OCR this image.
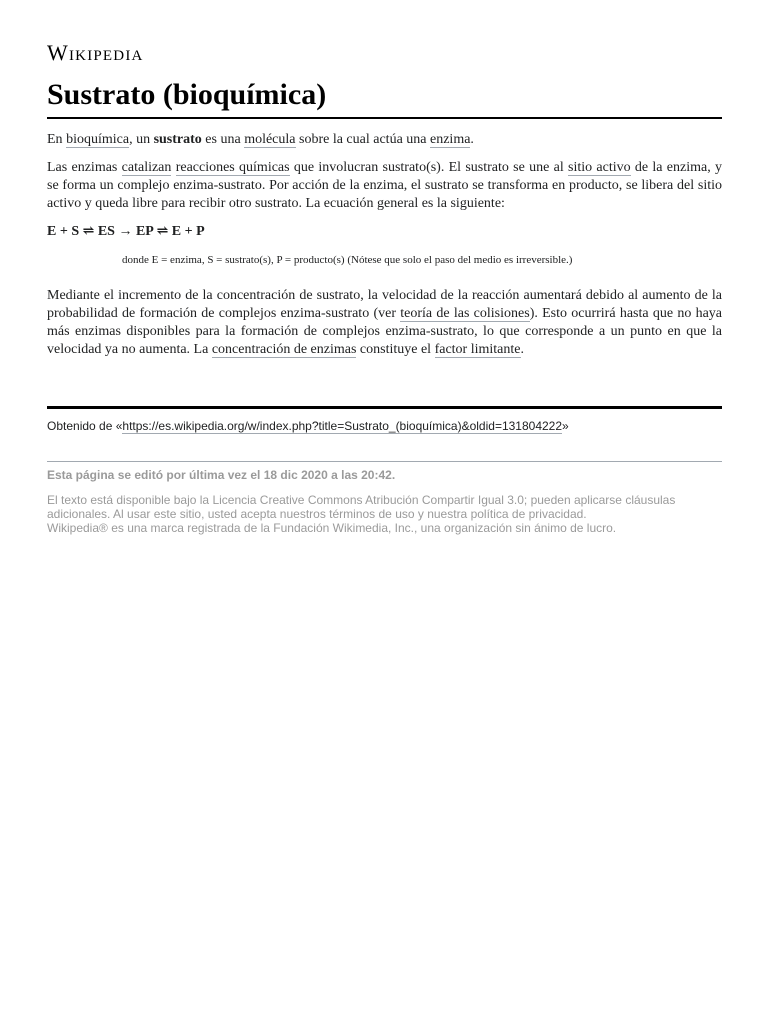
Wikipedia
Sustrato (bioquímica)

En bioquímica, un sustrato es una molécula sobre la cual actúa una enzima.

Las enzimas catalizan reacciones químicas que involucran sustrato(s). El sustrato se une al sitio activo de la enzima, y se forma un complejo enzima-sustrato. Por acción de la enzima, el sustrato se transforma en producto, se libera del sitio activo y queda libre para recibir otro sustrato. La ecuación general es la siguiente:

E + S ⇌ ES → EP ⇌ E + P
donde E = enzima, S = sustrato(s), P = producto(s) (Nótese que solo el paso del medio es irreversible.)

Mediante el incremento de la concentración de sustrato, la velocidad de la reacción aumentará debido al aumento de la probabilidad de formación de complejos enzima-sustrato (ver teoría de las colisiones). Esto ocurrirá hasta que no haya más enzimas disponibles para la formación de complejos enzima-sustrato, lo que corresponde a un punto en que la velocidad ya no aumenta. La concentración de enzimas constituye el factor limitante.

Obtenido de «https://es.wikipedia.org/w/index.php?title=Sustrato_(bioquímica)&oldid=131804222»
Esta página se editó por última vez el 18 dic 2020 a las 20:42.
El texto está disponible bajo la Licencia Creative Commons Atribución Compartir Igual 3.0; pueden aplicarse cláusulas adicionales. Al usar este sitio, usted acepta nuestros términos de uso y nuestra política de privacidad.
Wikipedia® es una marca registrada de la Fundación Wikimedia, Inc., una organización sin ánimo de lucro.
